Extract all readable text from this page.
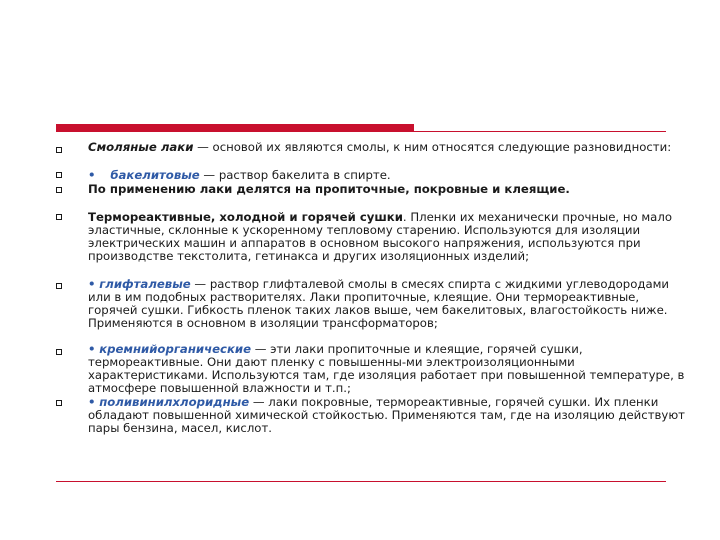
Смоляные лаки — основой их являются смолы, к ним относятся следующие разновидности:

• бакелитовые — раствор бакелита в спирте.

По применению лаки делятся на пропиточные, покровные и клеящие.

Термореактивные, холодной и горячей сушки. Пленки их механически прочные, но мало эластичные, склонные к ускоренному тепловому старению. Используются для изоляции электрических машин и аппаратов в основном высокого напряжения, используются при производстве текстолита, гетинакса и других изоляционных изделий;

• глифталевые — раствор глифталевой смолы в смесях спирта с жидкими углеводородами или в им подобных растворителях. Лаки пропиточные, клеящие. Они термореактивные, горячей сушки. Гибкость пленок таких лаков выше, чем бакелитовых, влагостойкость ниже. Применяются в основном в изоляции трансформаторов;

• кремнийорганические — эти лаки пропиточные и клеящие, горячей сушки, термореактивные. Они дают пленку с повышенны-ми электроизоляционными характеристиками. Используются там, где изоляция работает при повышенной температуре, в атмосфере повышенной влажности и т.п.;

• поливинилхлоридные — лаки покровные, термореактивные, горячей сушки. Их пленки обладают повышенной химической стойкостью. Применяются там, где на изоляцию действуют пары бензина, масел, кислот.
